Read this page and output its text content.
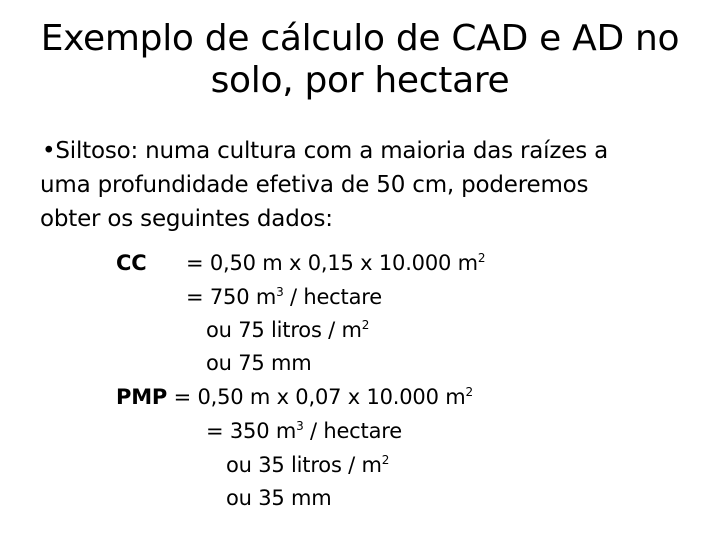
Exemplo de cálculo de CAD e AD no
solo, por hectare
•Siltoso: numa cultura com a maioria das raízes a
uma profundidade efetiva de 50 cm, poderemos
obter os seguintes dados:
CC = 0,50 m x 0,15 x 10.000 $m^2$
= 750 $m^3$ / hectare
ou 75 litros / $m^2$
ou 75 mm
PMP = 0,50 m x 0,07 x 10.000 $m^2$
= 350 $m^3$ / hectare
ou 35 litros / $m^2$
ou 35 mm
